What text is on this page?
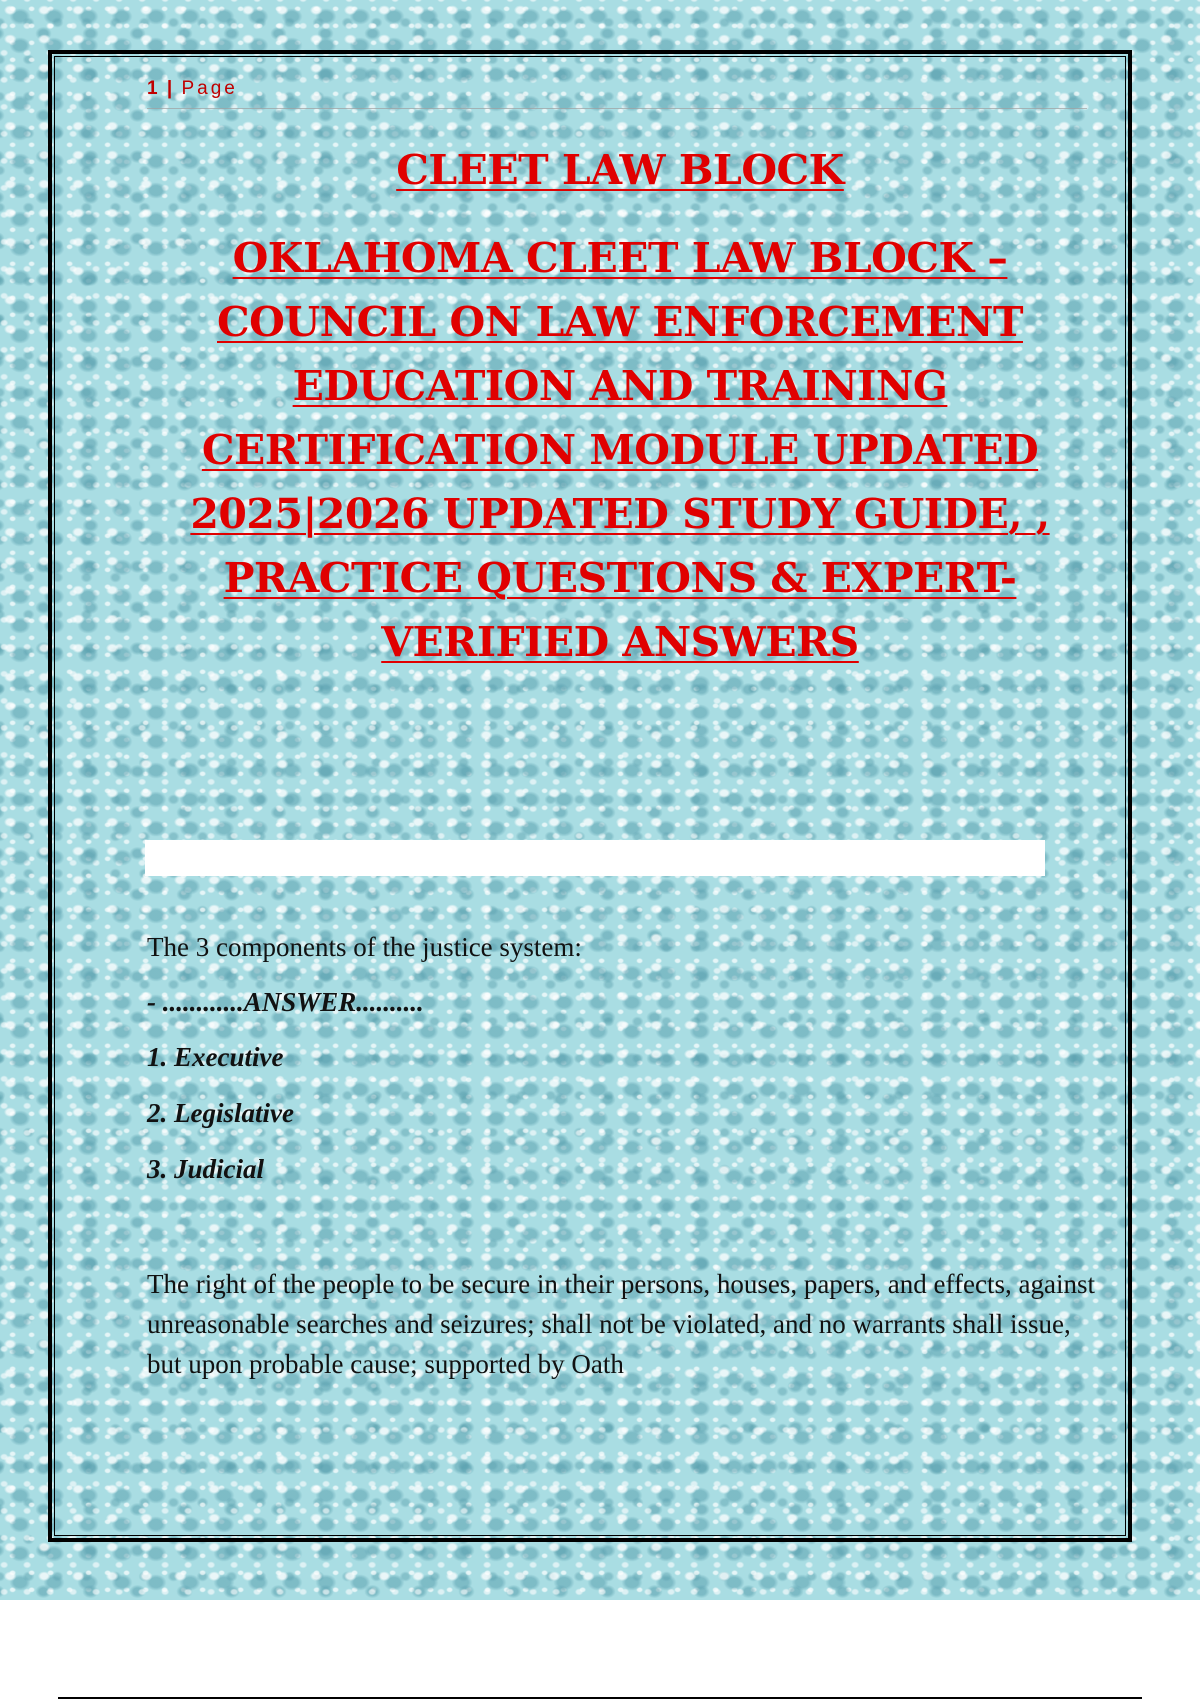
1 | Page
CLEET LAW BLOCK
OKLAHOMA CLEET LAW BLOCK – COUNCIL ON LAW ENFORCEMENT EDUCATION AND TRAINING CERTIFICATION MODULE UPDATED 2025|2026 UPDATED STUDY GUIDE, , PRACTICE QUESTIONS & EXPERT-VERIFIED ANSWERS
The 3 components of the justice system:
- ............ANSWER..........
1. Executive
2. Legislative
3. Judicial
The right of the people to be secure in their persons, houses, papers, and effects, against unreasonable searches and seizures; shall not be violated, and no warrants shall issue, but upon probable cause; supported by Oath
